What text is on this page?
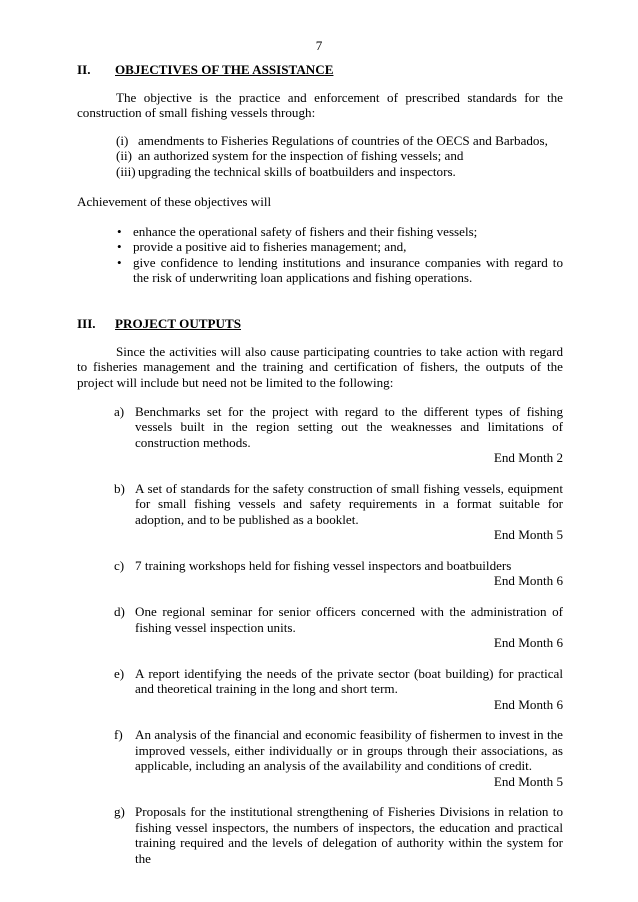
7
II. OBJECTIVES OF THE ASSISTANCE

The objective is the practice and enforcement of prescribed standards for the construction of small fishing vessels through:

(i) amendments to Fisheries Regulations of countries of the OECS and Barbados,
(ii) an authorized system for the inspection of fishing vessels; and
(iii) upgrading the technical skills of boatbuilders and inspectors.

Achievement of these objectives will

• enhance the operational safety of fishers and their fishing vessels;
• provide a positive aid to fisheries management; and,
• give confidence to lending institutions and insurance companies with regard to the risk of underwriting loan applications and fishing operations.
III. PROJECT OUTPUTS

Since the activities will also cause participating countries to take action with regard to fisheries management and the training and certification of fishers, the outputs of the project will include but need not be limited to the following:

a) Benchmarks set for the project with regard to the different types of fishing vessels built in the region setting out the weaknesses and limitations of construction methods.
End Month 2
b) A set of standards for the safety construction of small fishing vessels, equipment for small fishing vessels and safety requirements in a format suitable for adoption, and to be published as a booklet.
End Month 5
c) 7 training workshops held for fishing vessel inspectors and boatbuilders
End Month 6
d) One regional seminar for senior officers concerned with the administration of fishing vessel inspection units.
End Month 6
e) A report identifying the needs of the private sector (boat building) for practical and theoretical training in the long and short term.
End Month 6
f) An analysis of the financial and economic feasibility of fishermen to invest in the improved vessels, either individually or in groups through their associations, as applicable, including an analysis of the availability and conditions of credit.
End Month 5
g) Proposals for the institutional strengthening of Fisheries Divisions in relation to fishing vessel inspectors, the numbers of inspectors, the education and practical training required and the levels of delegation of authority within the system for the
